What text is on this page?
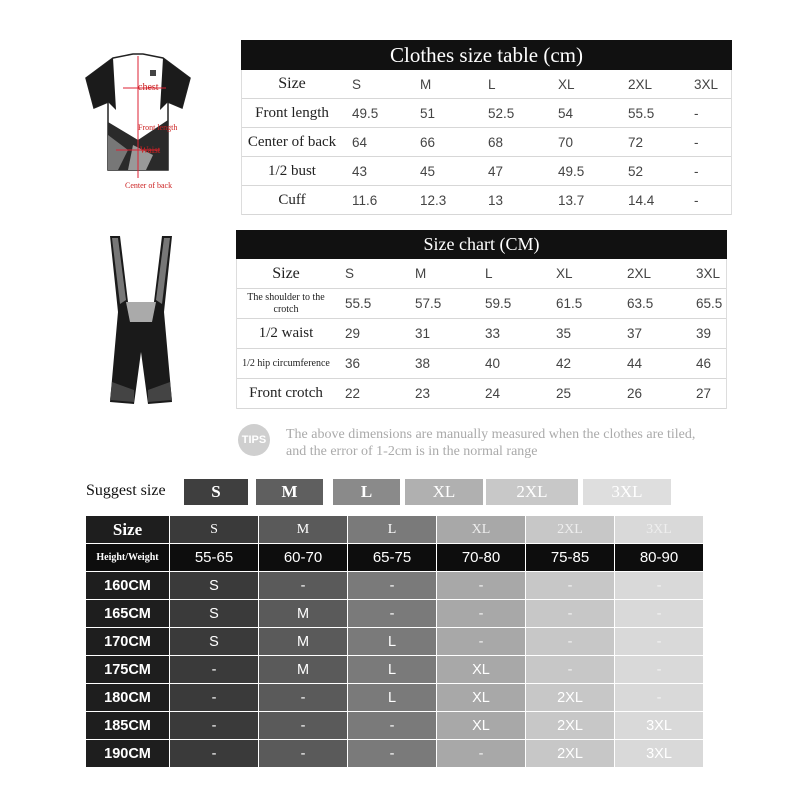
chest
Front length
Waist
Center of back
Clothes size table (cm)
Size	S	M	L	XL	2XL	3XL
Front length	49.5	51	52.5	54	55.5	-
Center of back	64	66	68	70	72	-
1/2 bust	43	45	47	49.5	52	-
Cuff	11.6	12.3	13	13.7	14.4	-
Size chart (CM)
Size	S	M	L	XL	2XL	3XL
The shoulder to the crotch	55.5	57.5	59.5	61.5	63.5	65.5
1/2 waist	29	31	33	35	37	39
1/2 hip circumference	36	38	40	42	44	46
Front crotch	22	23	24	25	26	27
TIPS The above dimensions are manually measured when the clothes are tiled,
and the error of 1-2cm is in the normal range
Suggest size	S	M	L	XL	2XL	3XL
Size	S	M	L	XL	2XL	3XL
Height/Weight	55-65	60-70	65-75	70-80	75-85	80-90
160CM	S	-	-	-	-	-
165CM	S	M	-	-	-	-
170CM	S	M	L	-	-	-
175CM	-	M	L	XL	-	-
180CM	-	-	L	XL	2XL	-
185CM	-	-	-	XL	2XL	3XL
190CM	-	-	-	-	2XL	3XL
